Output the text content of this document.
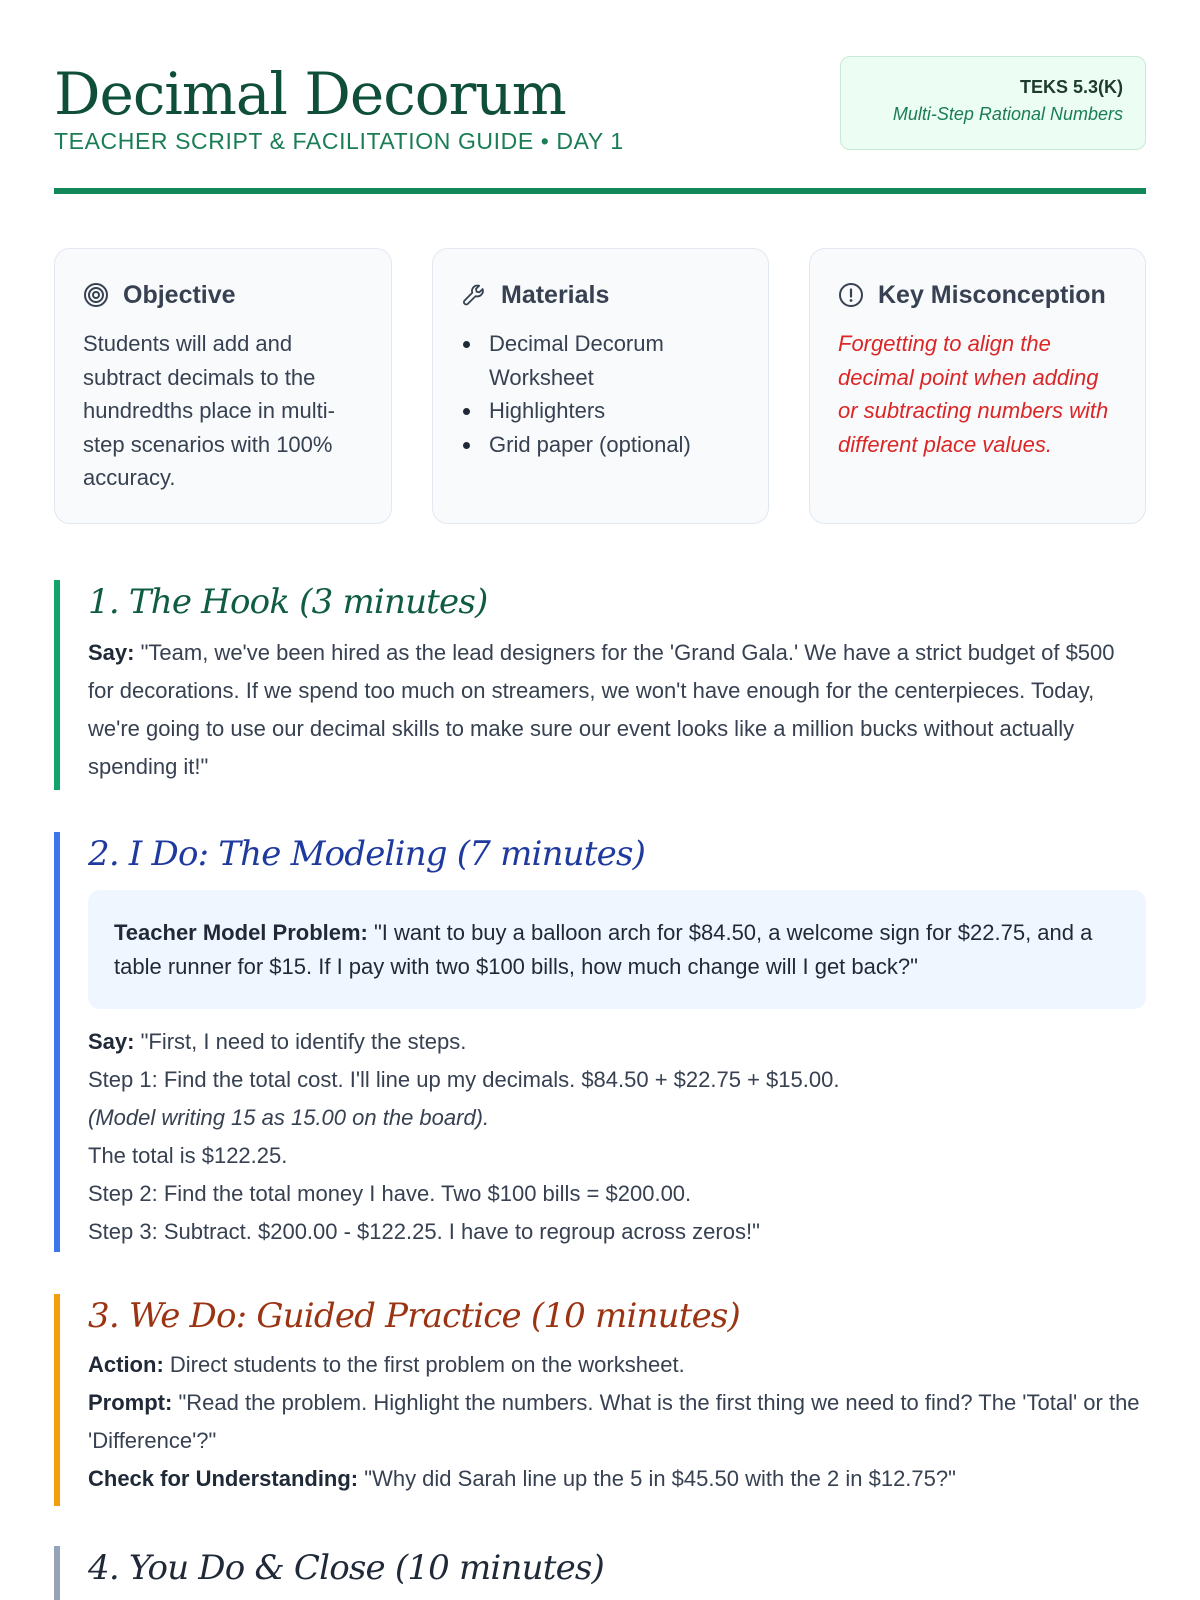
Decimal Decorum
TEACHER SCRIPT & FACILITATION GUIDE • DAY 1
TEKS 5.3(K)
Multi-Step Rational Numbers
Objective
Students will add and subtract decimals to the hundredths place in multi-step scenarios with 100% accuracy.
Materials
Decimal Decorum Worksheet
Highlighters
Grid paper (optional)
Key Misconception
Forgetting to align the decimal point when adding or subtracting numbers with different place values.
1. The Hook (3 minutes)
Say: "Team, we've been hired as the lead designers for the 'Grand Gala.' We have a strict budget of $500 for decorations. If we spend too much on streamers, we won't have enough for the centerpieces. Today, we're going to use our decimal skills to make sure our event looks like a million bucks without actually spending it!"
2. I Do: The Modeling (7 minutes)
Teacher Model Problem: "I want to buy a balloon arch for $84.50, a welcome sign for $22.75, and a table runner for $15. If I pay with two $100 bills, how much change will I get back?"
Say: "First, I need to identify the steps.
Step 1: Find the total cost. I'll line up my decimals. $84.50 + $22.75 + $15.00.
(Model writing 15 as 15.00 on the board).
The total is $122.25.
Step 2: Find the total money I have. Two $100 bills = $200.00.
Step 3: Subtract. $200.00 - $122.25. I have to regroup across zeros!"
3. We Do: Guided Practice (10 minutes)
Action: Direct students to the first problem on the worksheet.
Prompt: "Read the problem. Highlight the numbers. What is the first thing we need to find? The 'Total' or the 'Difference'?"
Check for Understanding: "Why did Sarah line up the 5 in $45.50 with the 2 in $12.75?"
4. You Do & Close (10 minutes)
